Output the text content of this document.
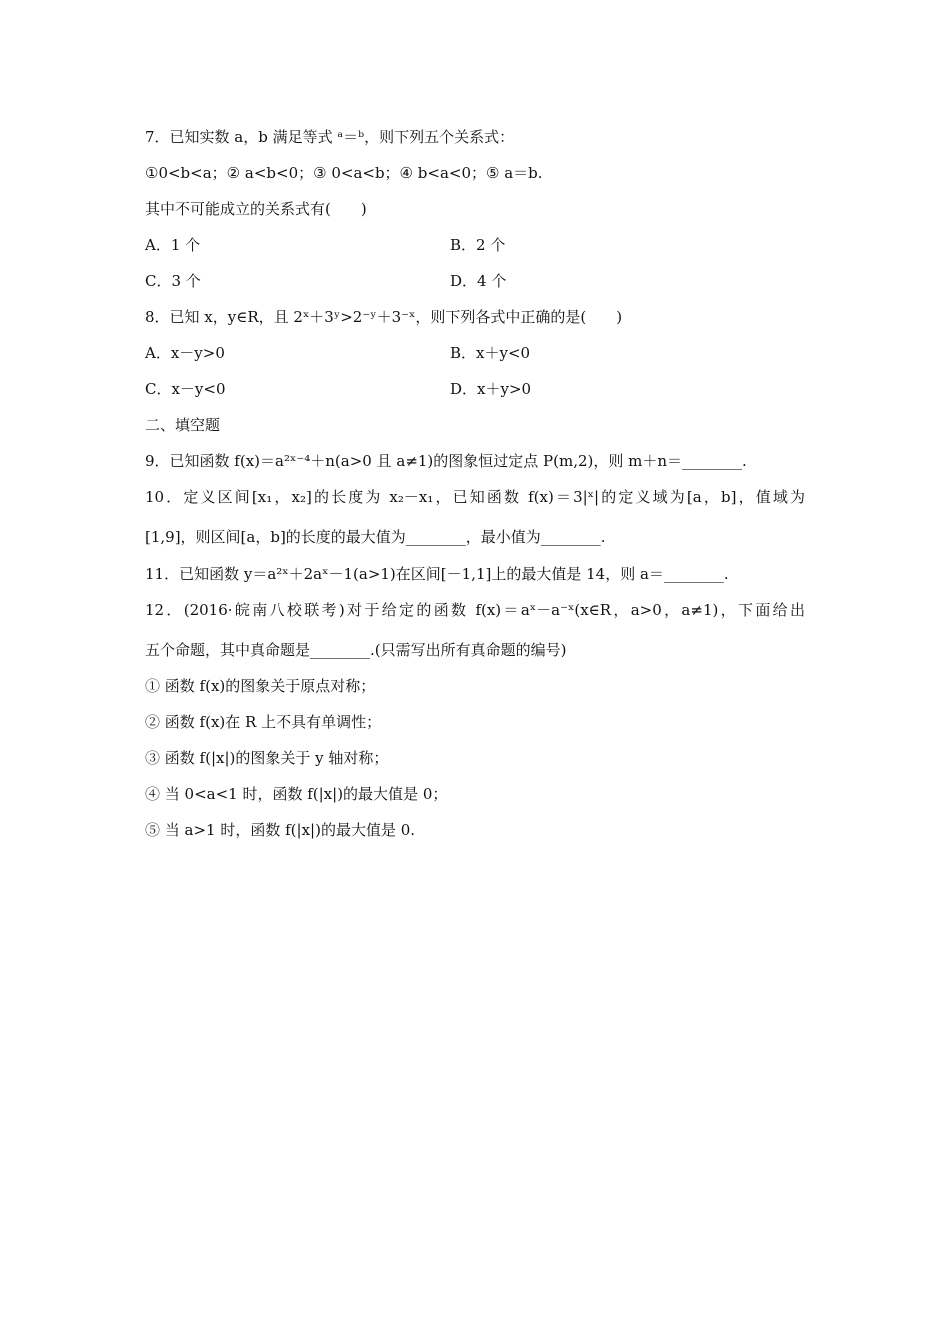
7．已知实数 a，b 满足等式 ᵃ＝ᵇ，则下列五个关系式：
①0<b<a；② a<b<0；③ 0<a<b；④ b<a<0；⑤ a＝b.
其中不可能成立的关系式有(　　)
A．1 个	B．2 个
C．3 个	D．4 个
8．已知 x，y∈R，且 2ˣ＋3ʸ>2⁻ʸ＋3⁻ˣ，则下列各式中正确的是(　　)
A．x－y>0	B．x＋y<0
C．x－y<0	D．x＋y>0
二、填空题
9．已知函数 f(x)＝a²ˣ⁻⁴＋n(a>0 且 a≠1)的图象恒过定点 P(m,2)，则 m＋n＝________.
10．定义区间[x₁，x₂]的长度为 x₂－x₁，已知函数 f(x)＝3|ˣ|的定义域为[a，b]，值域为
[1,9]，则区间[a，b]的长度的最大值为________，最小值为________.
11．已知函数 y＝a²ˣ＋2aˣ－1(a>1)在区间[－1,1]上的最大值是 14，则 a＝________.
12．(2016·皖南八校联考)对于给定的函数 f(x)＝aˣ－a⁻ˣ(x∈R，a>0，a≠1)，下面给出
五个命题，其中真命题是________.(只需写出所有真命题的编号)
① 函数 f(x)的图象关于原点对称；
② 函数 f(x)在 R 上不具有单调性；
③ 函数 f(|x|)的图象关于 y 轴对称；
④ 当 0<a<1 时，函数 f(|x|)的最大值是 0；
⑤ 当 a>1 时，函数 f(|x|)的最大值是 0.
